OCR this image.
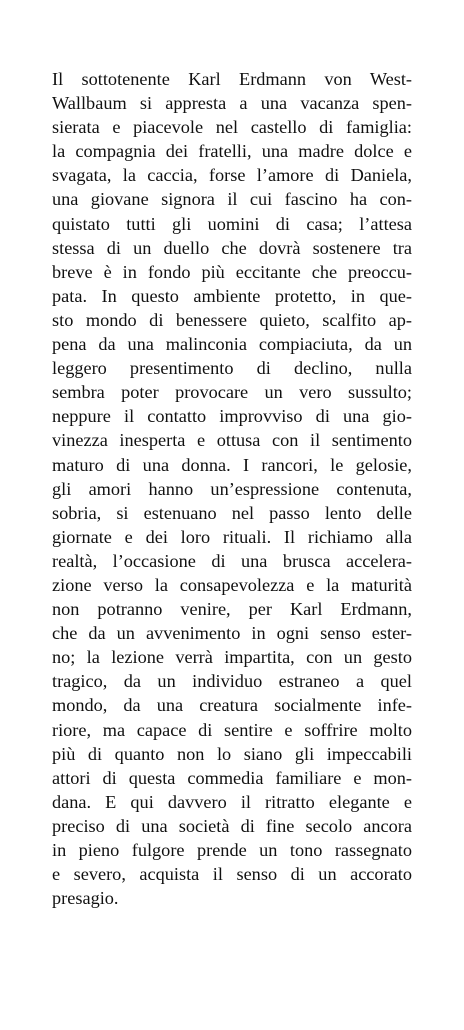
Il sottotenente Karl Erdmann von West-
Wallbaum si appresta a una vacanza spen-
sierata e piacevole nel castello di famiglia:
la compagnia dei fratelli, una madre dolce e
svagata, la caccia, forse l’amore di Daniela,
una giovane signora il cui fascino ha con-
quistato tutti gli uomini di casa; l’attesa
stessa di un duello che dovrà sostenere tra
breve è in fondo più eccitante che preoccu-
pata. In questo ambiente protetto, in que-
sto mondo di benessere quieto, scalfito ap-
pena da una malinconia compiaciuta, da un
leggero presentimento di declino, nulla
sembra poter provocare un vero sussulto;
neppure il contatto improvviso di una gio-
vinezza inesperta e ottusa con il sentimento
maturo di una donna. I rancori, le gelosie,
gli amori hanno un’espressione contenuta,
sobria, si estenuano nel passo lento delle
giornate e dei loro rituali. Il richiamo alla
realtà, l’occasione di una brusca accelera-
zione verso la consapevolezza e la maturità
non potranno venire, per Karl Erdmann,
che da un avvenimento in ogni senso ester-
no; la lezione verrà impartita, con un gesto
tragico, da un individuo estraneo a quel
mondo, da una creatura socialmente infe-
riore, ma capace di sentire e soffrire molto
più di quanto non lo siano gli impeccabili
attori di questa commedia familiare e mon-
dana. E qui davvero il ritratto elegante e
preciso di una società di fine secolo ancora
in pieno fulgore prende un tono rassegnato
e severo, acquista il senso di un accorato
presagio.
